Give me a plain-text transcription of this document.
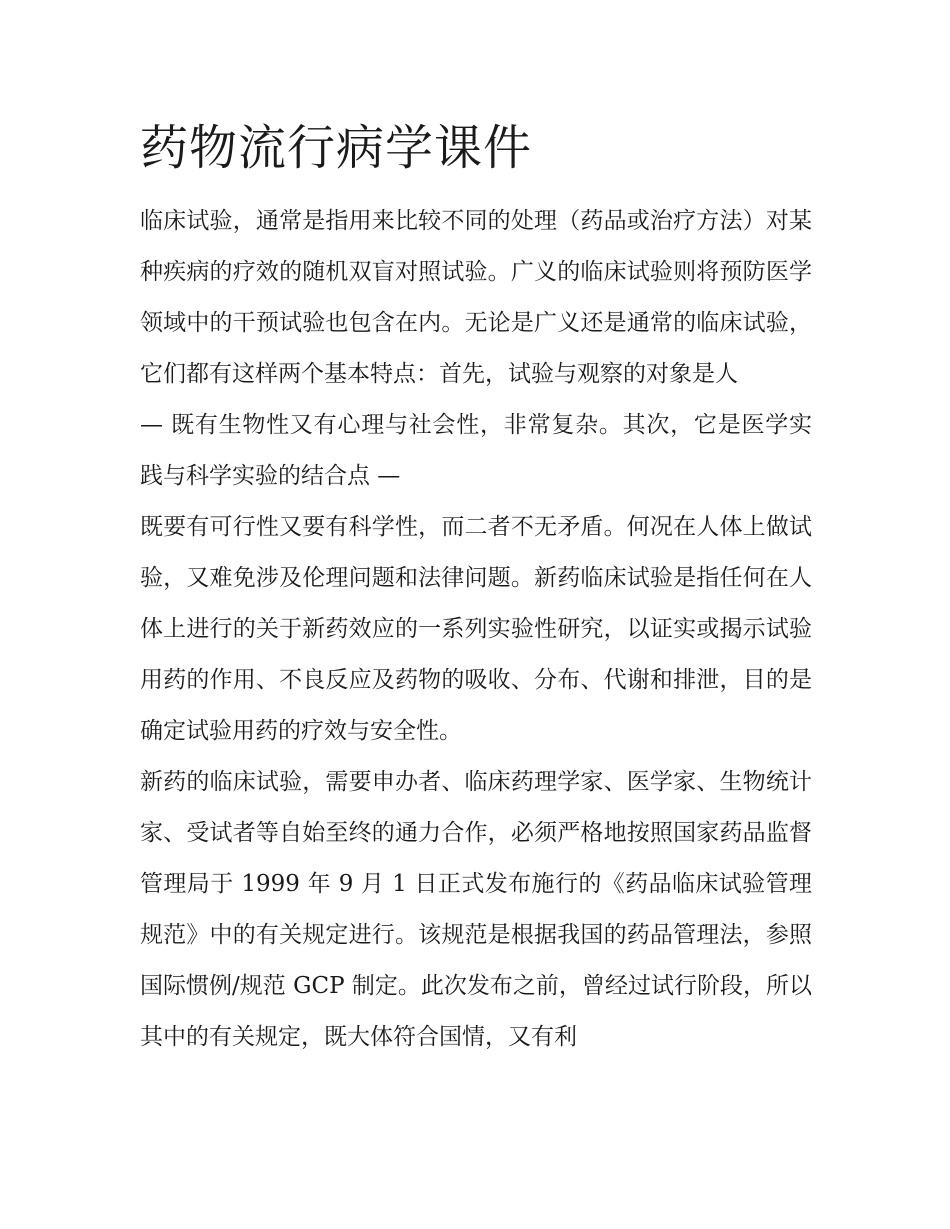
药物流行病学课件

临床试验，通常是指用来比较不同的处理（药品或治疗方法）对某种疾病的疗效的随机双盲对照试验。广义的临床试验则将预防医学领域中的干预试验也包含在内。无论是广义还是通常的临床试验，它们都有这样两个基本特点：首先，试验与观察的对象是人

— 既有生物性又有心理与社会性，非常复杂。其次，它是医学实践与科学实验的结合点 —

既要有可行性又要有科学性，而二者不无矛盾。何况在人体上做试验，又难免涉及伦理问题和法律问题。新药临床试验是指任何在人体上进行的关于新药效应的一系列实验性研究，以证实或揭示试验用药的作用、不良反应及药物的吸收、分布、代谢和排泄，目的是确定试验用药的疗效与安全性。

新药的临床试验，需要申办者、临床药理学家、医学家、生物统计家、受试者等自始至终的通力合作，必须严格地按照国家药品监督管理局于 1999 年 9 月 1 日正式发布施行的《药品临床试验管理规范》中的有关规定进行。该规范是根据我国的药品管理法，参照国际惯例/规范 GCP 制定。此次发布之前，曾经过试行阶段，所以其中的有关规定，既大体符合国情，又有利
